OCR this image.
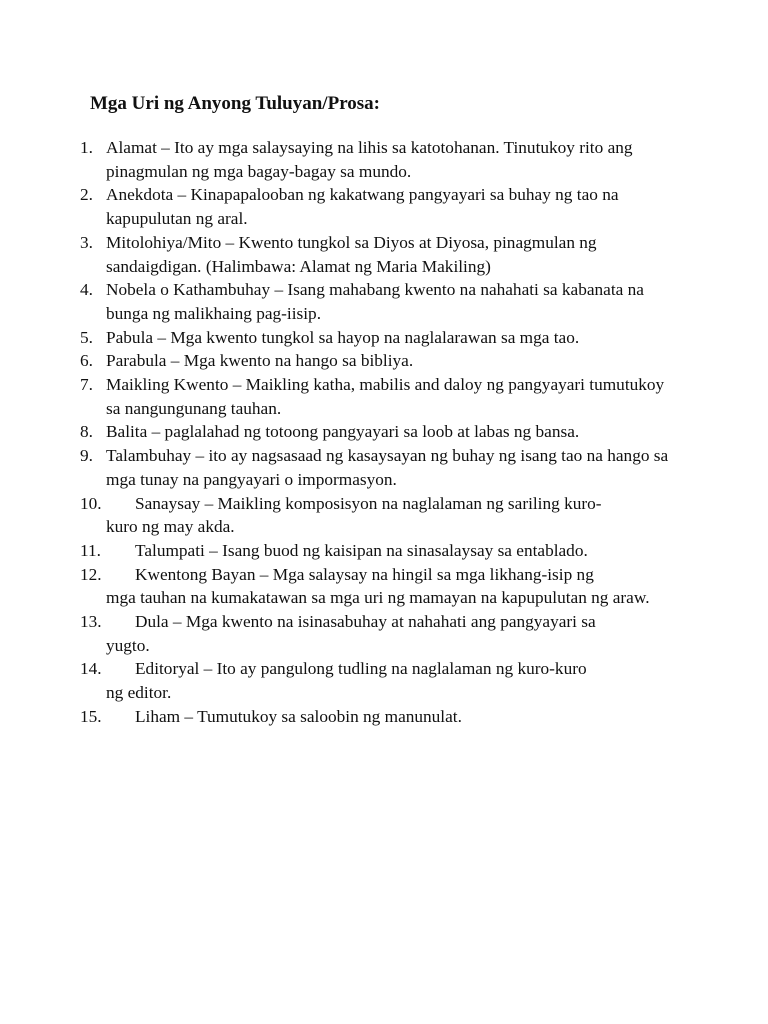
Mga Uri ng Anyong Tuluyan/Prosa:
1. Alamat – Ito ay mga salaysaying na lihis sa katotohanan. Tinutukoy rito ang pinagmulan ng mga bagay-bagay sa mundo.
2. Anekdota – Kinapapalooban ng kakatwang pangyayari sa buhay ng tao na kapupulutan ng aral.
3. Mitolohiya/Mito – Kwento tungkol sa Diyos at Diyosa, pinagmulan ng sandaigdigan. (Halimbawa: Alamat ng Maria Makiling)
4. Nobela o Kathambuhay – Isang mahabang kwento na nahahati sa kabanata na bunga ng malikhaing pag-iisip.
5. Pabula – Mga kwento tungkol sa hayop na naglalarawan sa mga tao.
6. Parabula – Mga kwento na hango sa bibliya.
7. Maikling Kwento – Maikling katha, mabilis and daloy ng pangyayari tumutukoy sa nangungunang tauhan.
8. Balita – paglalahad ng totoong pangyayari sa loob at labas ng bansa.
9. Talambuhay – ito ay nagsasaad ng kasaysayan ng buhay ng isang tao na hango sa mga tunay na pangyayari o impormasyon.
10.	Sanaysay – Maikling komposisyon na naglalaman ng sariling kuro-
kuro ng may akda.
11.	Talumpati – Isang buod ng kaisipan na sinasalaysay sa entablado.
12.	Kwentong Bayan – Mga salaysay na hingil sa mga likhang-isip ng
mga tauhan na kumakatawan sa mga uri ng mamayan na kapupulutan ng araw.
13.	Dula – Mga kwento na isinasabuhay at nahahati ang pangyayari sa
yugto.
14.	Editoryal – Ito ay pangulong tudling na naglalaman ng kuro-kuro
ng editor.
15.	Liham – Tumutukoy sa saloobin ng manunulat.
